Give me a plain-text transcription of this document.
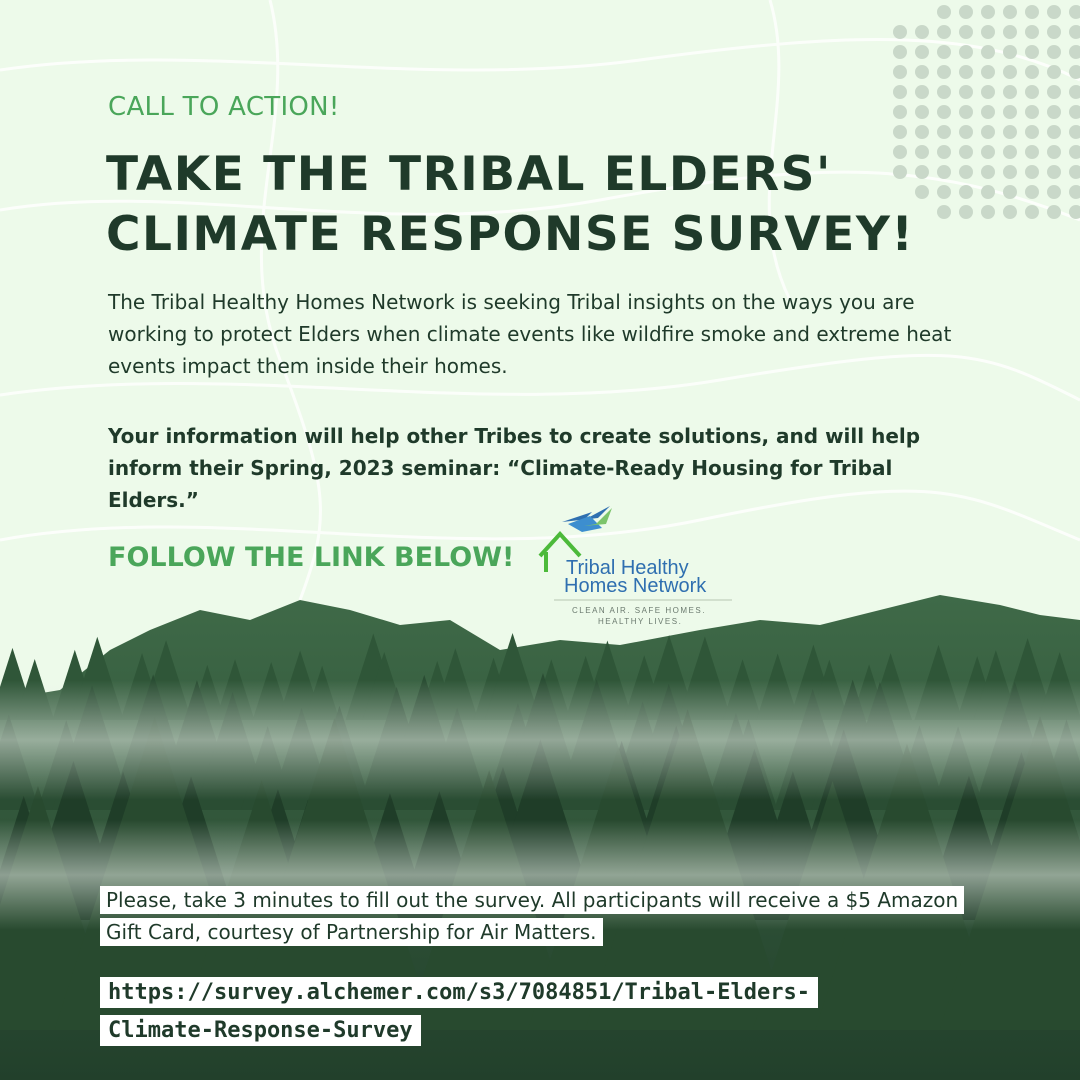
CALL TO ACTION!
TAKE THE TRIBAL ELDERS'
CLIMATE RESPONSE SURVEY!
The Tribal Healthy Homes Network is seeking Tribal insights on the ways you are working to protect Elders when climate events like wildfire smoke and extreme heat events impact them inside their homes.
Your information will help other Tribes to create solutions, and will help inform their Spring, 2023 seminar: “Climate-Ready Housing for Tribal Elders.”
FOLLOW THE LINK BELOW!	Tribal Healthy
Homes Network
CLEAN AIR. SAFE HOMES.
HEALTHY LIVES.
Please, take 3 minutes to fill out the survey. All participants will receive a $5 Amazon Gift Card, courtesy of Partnership for Air Matters.
https://survey.alchemer.com/s3/7084851/Tribal-Elders-Climate-Response-Survey
